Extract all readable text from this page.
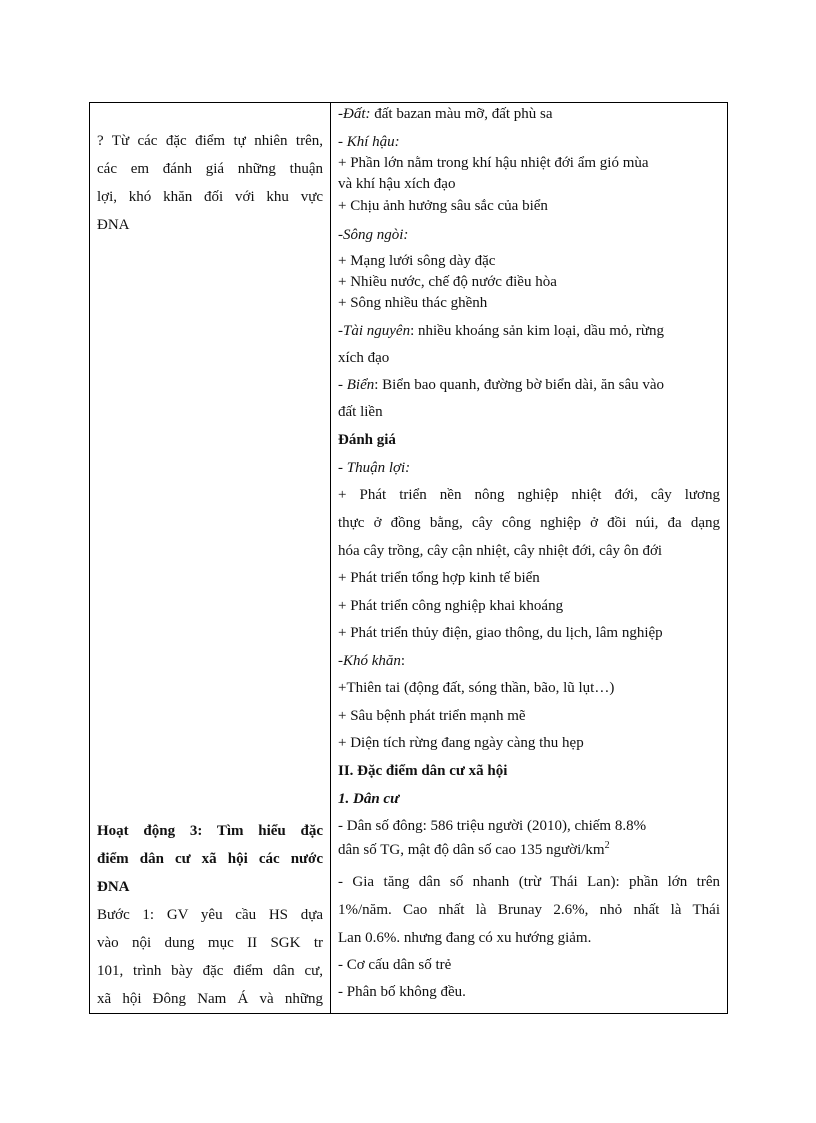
? Từ các đặc điểm tự nhiên trên,
các em đánh giá những thuận
lợi, khó khăn đối với khu vực
ĐNA
Hoạt động 3: Tìm hiểu đặc
điểm dân cư xã hội các nước
ĐNA
Bước 1: GV yêu cầu HS dựa
vào nội dung mục II SGK tr
101, trình bày đặc điểm dân cư,
xã hội Đông Nam Á và những

-Đất: đất bazan màu mỡ, đất phù sa
- Khí hậu:
+ Phần lớn nằm trong khí hậu nhiệt đới ẩm gió mùa
và khí hậu xích đạo
+ Chịu ảnh hưởng sâu sắc của biển
-Sông ngòi:
+ Mạng lưới sông dày đặc
+ Nhiều nước, chế độ nước điều hòa
+ Sông nhiều thác ghềnh
-Tài nguyên: nhiều khoáng sản kim loại, dầu mỏ, rừng
xích đạo
- Biển: Biển bao quanh, đường bờ biển dài, ăn sâu vào
đất liền
Đánh giá
- Thuận lợi:
+ Phát triển nền nông nghiệp nhiệt đới, cây lương
thực ở đồng bằng, cây công nghiệp ở đồi núi, đa dạng
hóa cây trồng, cây cận nhiệt, cây nhiệt đới, cây ôn đới
+ Phát triển tổng hợp kinh tế biển
+ Phát triển công nghiệp khai khoáng
+ Phát triển thủy điện, giao thông, du lịch, lâm nghiệp
-Khó khăn:
+Thiên tai (động đất, sóng thần, bão, lũ lụt…)
+ Sâu bệnh phát triển mạnh mẽ
+ Diện tích rừng đang ngày càng thu hẹp
II. Đặc điểm dân cư xã hội
1. Dân cư
- Dân số đông: 586 triệu người (2010), chiếm 8.8%
dân số TG, mật độ dân số cao 135 người/$km^2$
- Gia tăng dân số nhanh (trừ Thái Lan): phần lớn trên
1%/năm. Cao nhất là Brunay 2.6%, nhỏ nhất là Thái
Lan 0.6%. nhưng đang có xu hướng giảm.
- Cơ cấu dân số trẻ
- Phân bố không đều.
